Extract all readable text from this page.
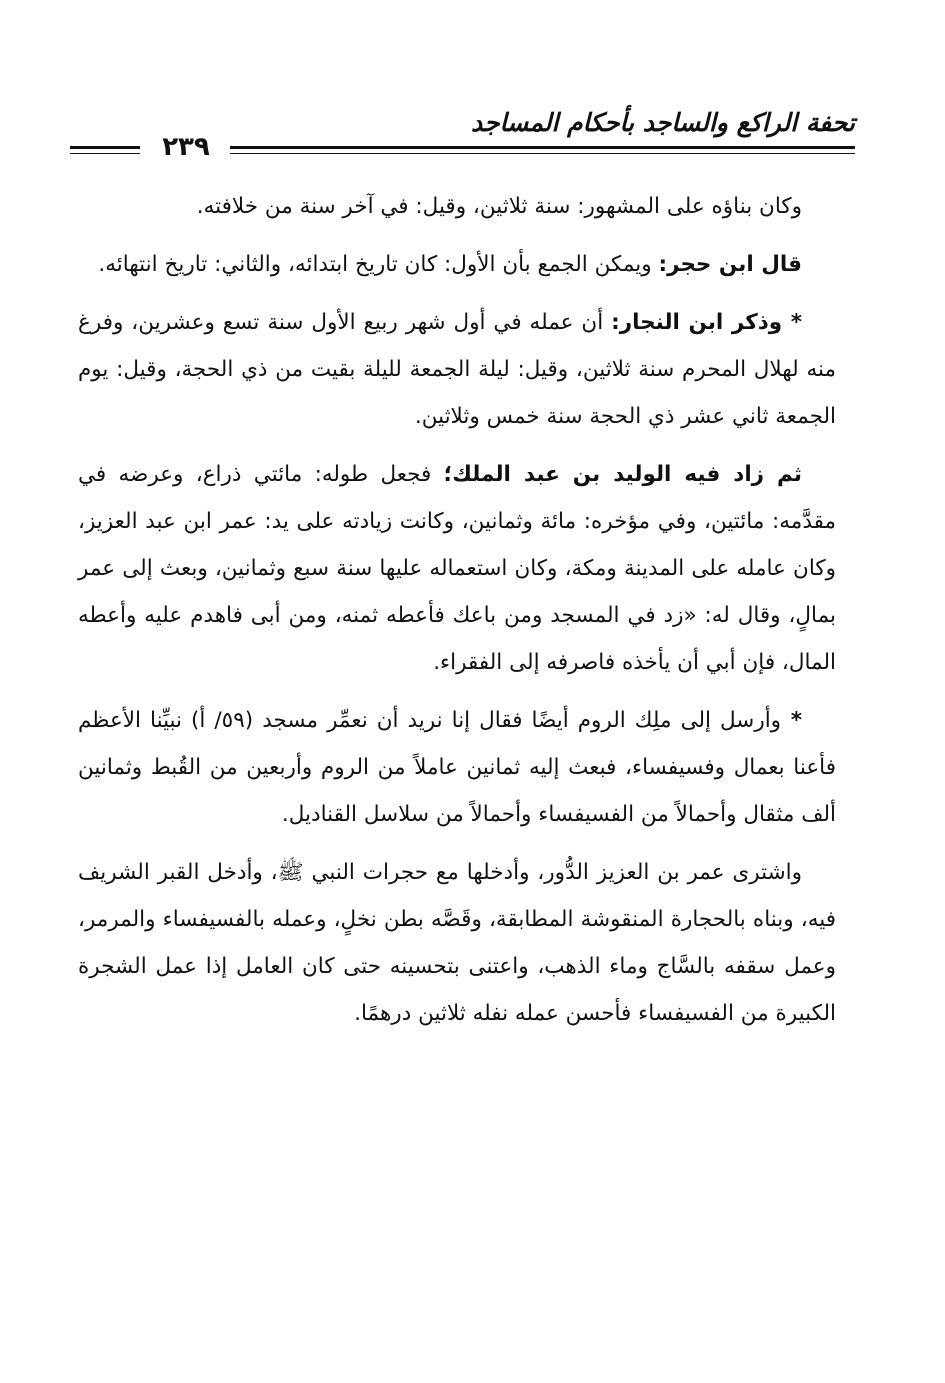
٢٣٩
تحفة الراكع والساجد بأحكام المساجد

وكان بناؤه على المشهور: سنة ثلاثين، وقيل: في آخر سنة من خلافته.

قال ابن حجر: ويمكن الجمع بأن الأول: كان تاريخ ابتدائه، والثاني: تاريخ انتهائه.

* وذكر ابن النجار: أن عمله في أول شهر ربيع الأول سنة تسع وعشرين، وفرغ منه لهلال المحرم سنة ثلاثين، وقيل: ليلة الجمعة لليلة بقيت من ذي الحجة، وقيل: يوم الجمعة ثاني عشر ذي الحجة سنة خمس وثلاثين.

ثم زاد فيه الوليد بن عبد الملك؛ فجعل طوله: مائتي ذراع، وعرضه في مقدَّمه: مائتين، وفي مؤخره: مائة وثمانين، وكانت زيادته على يد: عمر ابن عبد العزيز، وكان عامله على المدينة ومكة، وكان استعماله عليها سنة سبع وثمانين، وبعث إلى عمر بمالٍ، وقال له: «زد في المسجد ومن باعك فأعطه ثمنه، ومن أبى فاهدم عليه وأعطه المال، فإن أبي أن يأخذه فاصرفه إلى الفقراء.

* وأرسل إلى ملِك الروم أيضًا فقال إنا نريد أن نعمِّر مسجد (٥٩/ أ) نبيِّنا الأعظم فأعنا بعمال وفسيفساء، فبعث إليه ثمانين عاملاً من الروم وأربعين من القُبط وثمانين ألف مثقال وأحمالاً من الفسيفساء وأحمالاً من سلاسل القناديل.

واشترى عمر بن العزيز الدُّور، وأدخلها مع حجرات النبي ﷺ، وأدخل القبر الشريف فيه، وبناه بالحجارة المنقوشة المطابقة، وقَصَّه بطن نخلٍ، وعمله بالفسيفساء والمرمر، وعمل سقفه بالسَّاج وماء الذهب، واعتنى بتحسينه حتى كان العامل إذا عمل الشجرة الكبيرة من الفسيفساء فأحسن عمله نفله ثلاثين درهمًا.
